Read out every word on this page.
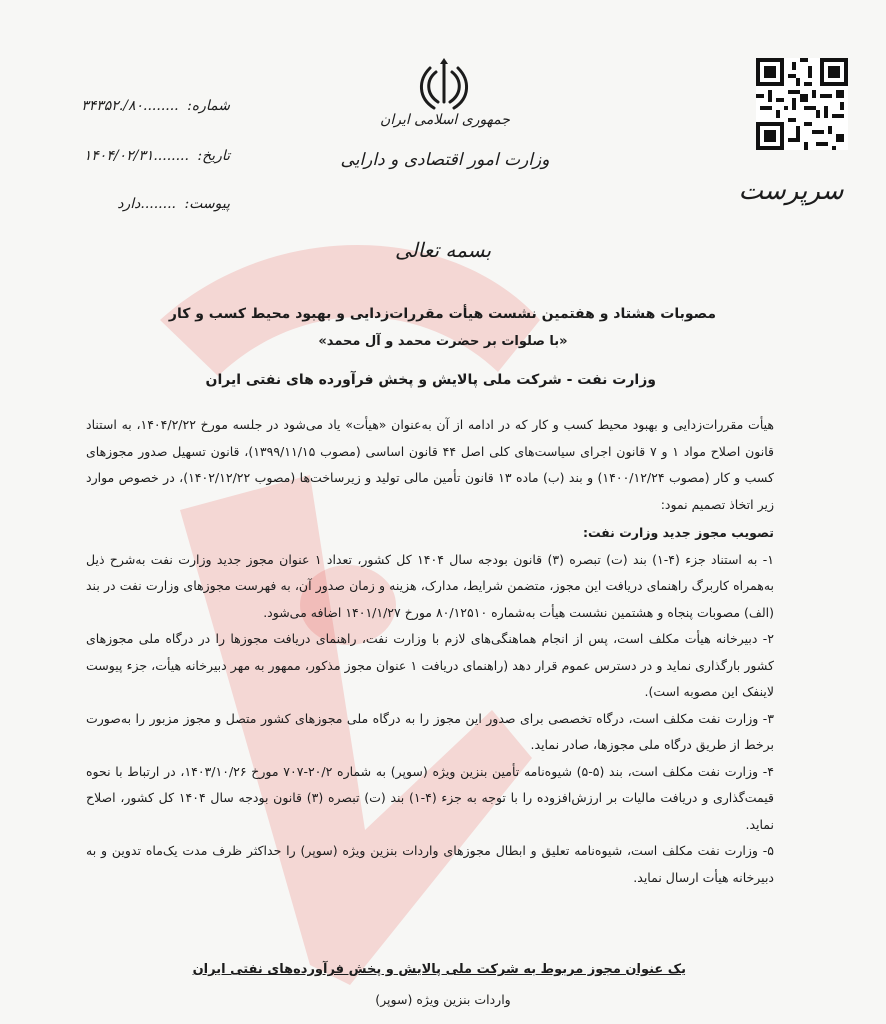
سرپرست
جمهوری اسلامی ایران
وزارت امور اقتصادی و دارایی
شماره: ........۸۰/.۳۴۳۵۲
تاریخ: ........۱۴۰۴/۰۲/۳۱
پیوست: ........دارد
بسمه تعالی
مصوبات هشتاد و هفتمین نشست هیأت مقررات‌زدایی و بهبود محیط کسب و کار
«با صلوات بر حضرت محمد و آل محمد»
وزارت نفت - شرکت ملی پالایش و پخش فرآورده های نفتی ایران

هیأت مقررات‌زدایی و بهبود محیط کسب و کار که در ادامه از آن به‌عنوان «هیأت» یاد می‌شود در جلسه مورخ ۱۴۰۴/۲/۲۲، به استناد قانون اصلاح مواد ۱ و ۷ قانون اجرای سیاست‌های کلی اصل ۴۴ قانون اساسی (مصوب ۱۳۹۹/۱۱/۱۵)، قانون تسهیل صدور مجوزهای کسب و کار (مصوب ۱۴۰۰/۱۲/۲۴) و بند (ب) ماده ۱۳ قانون تأمین مالی تولید و زیرساخت‌ها (مصوب ۱۴۰۲/۱۲/۲۲)، در خصوص موارد زیر اتخاذ تصمیم نمود:

تصویب مجوز جدید وزارت نفت:

۱- به استناد جزء (۴-۱) بند (ت) تبصره (۳) قانون بودجه سال ۱۴۰۴ کل کشور، تعداد ۱ عنوان مجوز جدید وزارت نفت به‌شرح ذیل به‌همراه کاربرگ راهنمای دریافت این مجوز، متضمن شرایط، مدارک، هزینه و زمان صدور آن، به فهرست مجوزهای وزارت نفت در بند (الف) مصوبات پنجاه و هشتمین نشست هیأت به‌شماره ۸۰/۱۲۵۱۰ مورخ ۱۴۰۱/۱/۲۷ اضافه می‌شود.

۲- دبیرخانه هیأت مکلف است، پس از انجام هماهنگی‌های لازم با وزارت نفت، راهنمای دریافت مجوزها را در درگاه ملی مجوزهای کشور بارگذاری نماید و در دسترس عموم قرار دهد (راهنمای دریافت ۱ عنوان مجوز مذکور، ممهور به مهر دبیرخانه هیأت، جزء پیوست لاینفک این مصوبه است).

۳- وزارت نفت مکلف است، درگاه تخصصی برای صدور این مجوز را به درگاه ملی مجوزهای کشور متصل و مجوز مزبور را به‌صورت برخط از طریق درگاه ملی مجوزها، صادر نماید.

۴- وزارت نفت مکلف است، بند (۵-۵) شیوه‌نامه تأمین بنزین ویژه (سوپر) به شماره ۲۰/۲-۷۰۷ مورخ ۱۴۰۳/۱۰/۲۶، در ارتباط با نحوه قیمت‌گذاری و دریافت مالیات بر ارزش‌افزوده را با توجه به جزء (۴-۱) بند (ت) تبصره (۳) قانون بودجه سال ۱۴۰۴ کل کشور، اصلاح نماید.

۵- وزارت نفت مکلف است، شیوه‌نامه تعلیق و ابطال مجوزهای واردات بنزین ویژه (سوپر) را حداکثر ظرف مدت یک‌ماه تدوین و به دبیرخانه هیأت ارسال نماید.

یک عنوان مجوز مربوط به شرکت ملی پالایش و پخش فرآورده‌های نفتی ایران
واردات بنزین ویژه (سوپر)
